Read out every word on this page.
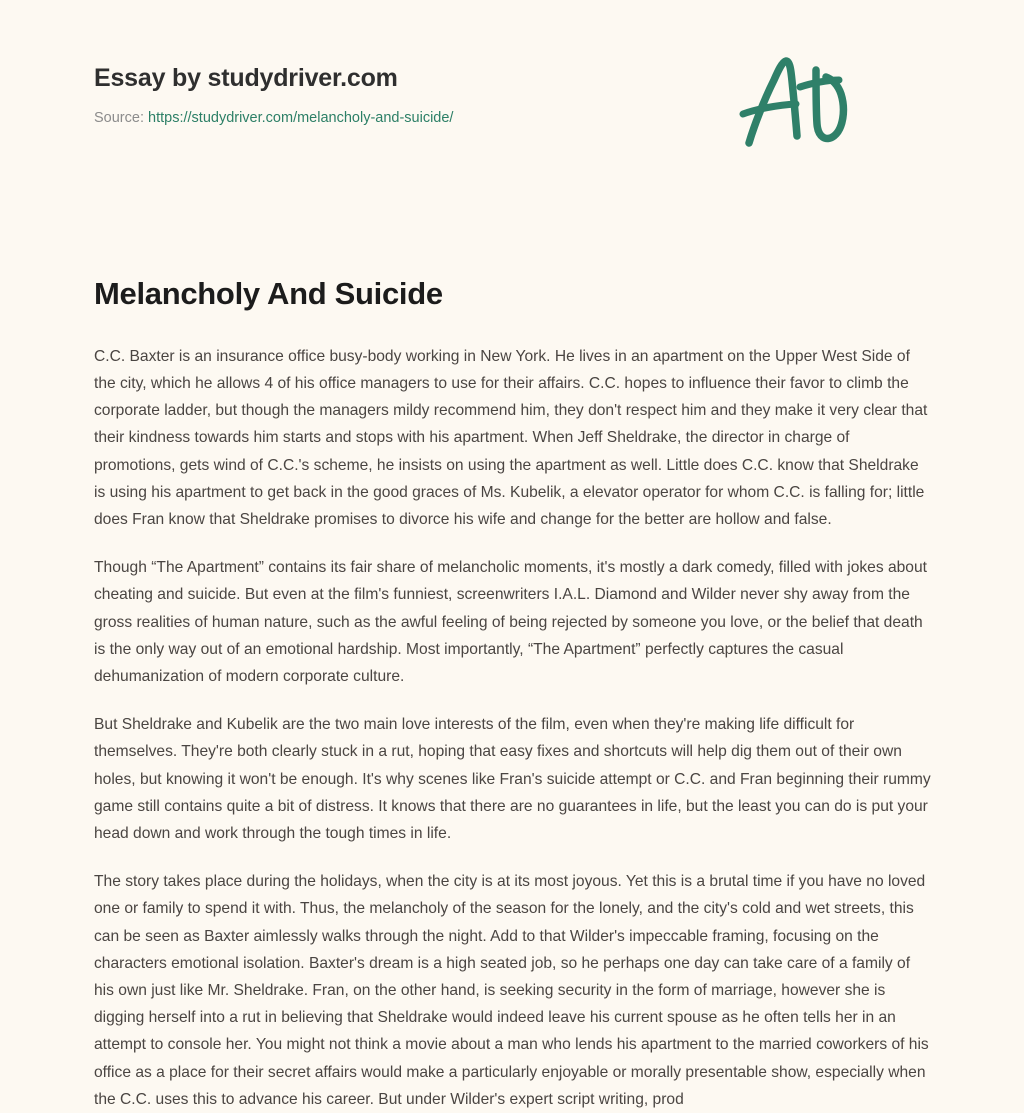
Essay by studydriver.com
Source: https://studydriver.com/melancholy-and-suicide/
Melancholy And Suicide

C.C. Baxter is an insurance office busy-body working in New York. He lives in an apartment on the Upper West Side of the city, which he allows 4 of his office managers to use for their affairs. C.C. hopes to influence their favor to climb the corporate ladder, but though the managers mildy recommend him, they don't respect him and they make it very clear that their kindness towards him starts and stops with his apartment. When Jeff Sheldrake, the director in charge of promotions, gets wind of C.C.'s scheme, he insists on using the apartment as well. Little does C.C. know that Sheldrake is using his apartment to get back in the good graces of Ms. Kubelik, a elevator operator for whom C.C. is falling for; little does Fran know that Sheldrake promises to divorce his wife and change for the better are hollow and false.

Though “The Apartment” contains its fair share of melancholic moments, it's mostly a dark comedy, filled with jokes about cheating and suicide. But even at the film's funniest, screenwriters I.A.L. Diamond and Wilder never shy away from the gross realities of human nature, such as the awful feeling of being rejected by someone you love, or the belief that death is the only way out of an emotional hardship. Most importantly, “The Apartment” perfectly captures the casual dehumanization of modern corporate culture.

But Sheldrake and Kubelik are the two main love interests of the film, even when they're making life difficult for themselves. They're both clearly stuck in a rut, hoping that easy fixes and shortcuts will help dig them out of their own holes, but knowing it won't be enough. It's why scenes like Fran's suicide attempt or C.C. and Fran beginning their rummy game still contains quite a bit of distress. It knows that there are no guarantees in life, but the least you can do is put your head down and work through the tough times in life.

The story takes place during the holidays, when the city is at its most joyous. Yet this is a brutal time if you have no loved one or family to spend it with. Thus, the melancholy of the season for the lonely, and the city's cold and wet streets, this can be seen as Baxter aimlessly walks through the night. Add to that Wilder's impeccable framing, focusing on the characters emotional isolation. Baxter's dream is a high seated job, so he perhaps one day can take care of a family of his own just like Mr. Sheldrake. Fran, on the other hand, is seeking security in the form of marriage, however she is digging herself into a rut in believing that Sheldrake would indeed leave his current spouse as he often tells her in an attempt to console her. You might not think a movie about a man who lends his apartment to the married coworkers of his office as a place for their secret affairs would make a particularly enjoyable or morally presentable show, especially when the C.C. uses this to advance his career. But under Wilder's expert script writing, prod
